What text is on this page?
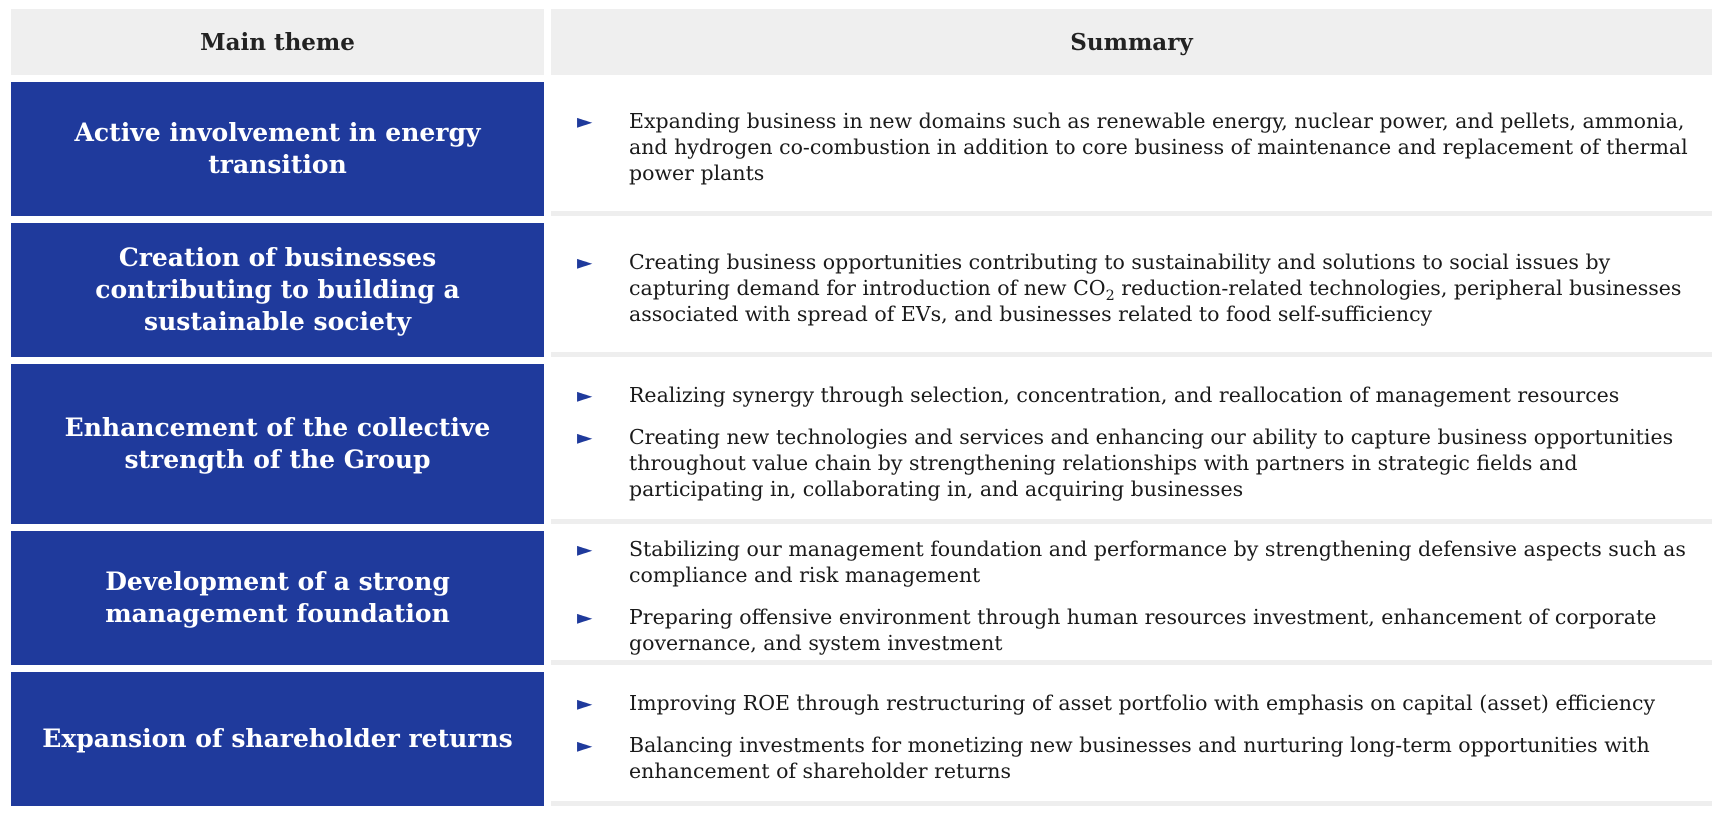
Main theme	Summary
Active involvement in energy transition
►	Expanding business in new domains such as renewable energy, nuclear power, and pellets, ammonia, and hydrogen co-combustion in addition to core business of maintenance and replacement of thermal power plants
Creation of businesses contributing to building a sustainable society
►	Creating business opportunities contributing to sustainability and solutions to social issues by capturing demand for introduction of new $CO_2$ reduction-related technologies, peripheral businesses associated with spread of EVs, and businesses related to food self-sufficiency
Enhancement of the collective strength of the Group
►	Realizing synergy through selection, concentration, and reallocation of management resources
►	Creating new technologies and services and enhancing our ability to capture business opportunities throughout value chain by strengthening relationships with partners in strategic fields and participating in, collaborating in, and acquiring businesses
Development of a strong management foundation
►	Stabilizing our management foundation and performance by strengthening defensive aspects such as compliance and risk management
►	Preparing offensive environment through human resources investment, enhancement of corporate governance, and system investment
Expansion of shareholder returns
►	Improving ROE through restructuring of asset portfolio with emphasis on capital (asset) efficiency
►	Balancing investments for monetizing new businesses and nurturing long-term opportunities with enhancement of shareholder returns
